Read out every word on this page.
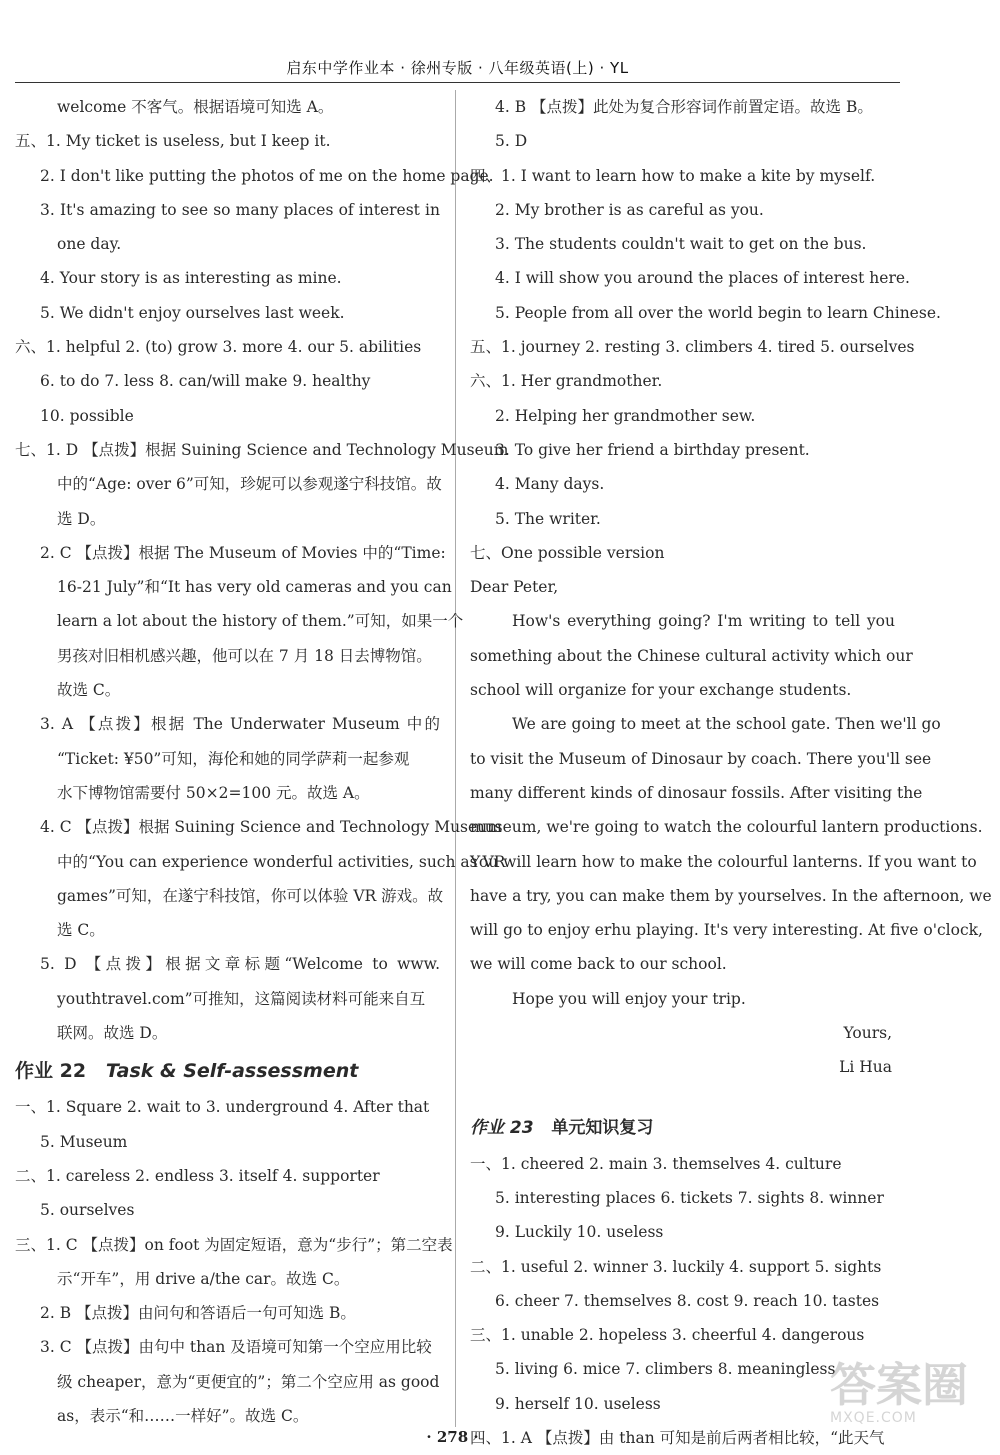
启东中学作业本 · 徐州专版 · 八年级英语(上) · YL
welcome 不客气。根据语境可知选 A。
五、1. My ticket is useless, but I keep it.
2. I don't like putting the photos of me on the home page.
3. It's amazing to see so many places of interest in
one day.
4. Your story is as interesting as mine.
5. We didn't enjoy ourselves last week.
六、1. helpful 2. (to) grow 3. more 4. our 5. abilities
6. to do 7. less 8. can/will make 9. healthy
10. possible
七、1. D 【点拨】根据 Suining Science and Technology Museum
中的“Age: over 6”可知，珍妮可以参观遂宁科技馆。故
选 D。
2. C 【点拨】根据 The Museum of Movies 中的“Time:
16-21 July”和“It has very old cameras and you can
learn a lot about the history of them.”可知，如果一个
男孩对旧相机感兴趣，他可以在 7 月 18 日去博物馆。
故选 C。
3. A 【点拨】根据 The Underwater Museum 中的
“Ticket: ¥50”可知，海伦和她的同学萨莉一起参观
水下博物馆需要付 50×2=100 元。故选 A。
4. C 【点拨】根据 Suining Science and Technology Museum
中的“You can experience wonderful activities, such as VR
games”可知，在遂宁科技馆，你可以体验 VR 游戏。故
选 C。
5. D 【点拨】根据文章标题“Welcome to www.
youthtravel.com”可推知，这篇阅读材料可能来自互
联网。故选 D。
作业 22 Task & Self-assessment
一、1. Square 2. wait to 3. underground 4. After that
5. Museum
二、1. careless 2. endless 3. itself 4. supporter
5. ourselves
三、1. C 【点拨】on foot 为固定短语，意为“步行”；第二空表
示“开车”，用 drive a/the car。故选 C。
2. B 【点拨】由问句和答语后一句可知选 B。
3. C 【点拨】由句中 than 及语境可知第一个空应用比较
级 cheaper，意为“更便宜的”；第二个空应用 as good
as，表示“和……一样好”。故选 C。
4. B 【点拨】此处为复合形容词作前置定语。故选 B。
5. D
四、1. I want to learn how to make a kite by myself.
2. My brother is as careful as you.
3. The students couldn't wait to get on the bus.
4. I will show you around the places of interest here.
5. People from all over the world begin to learn Chinese.
五、1. journey 2. resting 3. climbers 4. tired 5. ourselves
六、1. Her grandmother.
2. Helping her grandmother sew.
3. To give her friend a birthday present.
4. Many days.
5. The writer.
七、One possible version
Dear Peter,
How's everything going? I'm writing to tell you
something about the Chinese cultural activity which our
school will organize for your exchange students.
We are going to meet at the school gate. Then we'll go
to visit the Museum of Dinosaur by coach. There you'll see
many different kinds of dinosaur fossils. After visiting the
museum, we're going to watch the colourful lantern productions.
You will learn how to make the colourful lanterns. If you want to
have a try, you can make them by yourselves. In the afternoon, we
will go to enjoy erhu playing. It's very interesting. At five o'clock,
we will come back to our school.
Hope you will enjoy your trip.
Yours,
Li Hua
作业 23 单元知识复习
一、1. cheered 2. main 3. themselves 4. culture
5. interesting places 6. tickets 7. sights 8. winner
9. Luckily 10. useless
二、1. useful 2. winner 3. luckily 4. support 5. sights
6. cheer 7. themselves 8. cost 9. reach 10. tastes
三、1. unable 2. hopeless 3. cheerful 4. dangerous
5. living 6. mice 7. climbers 8. meaningless
9. herself 10. useless
四、1. A 【点拨】由 than 可知是前后两者相比较，“此天气
· 278 ·
答案圈
MXQE.COM
